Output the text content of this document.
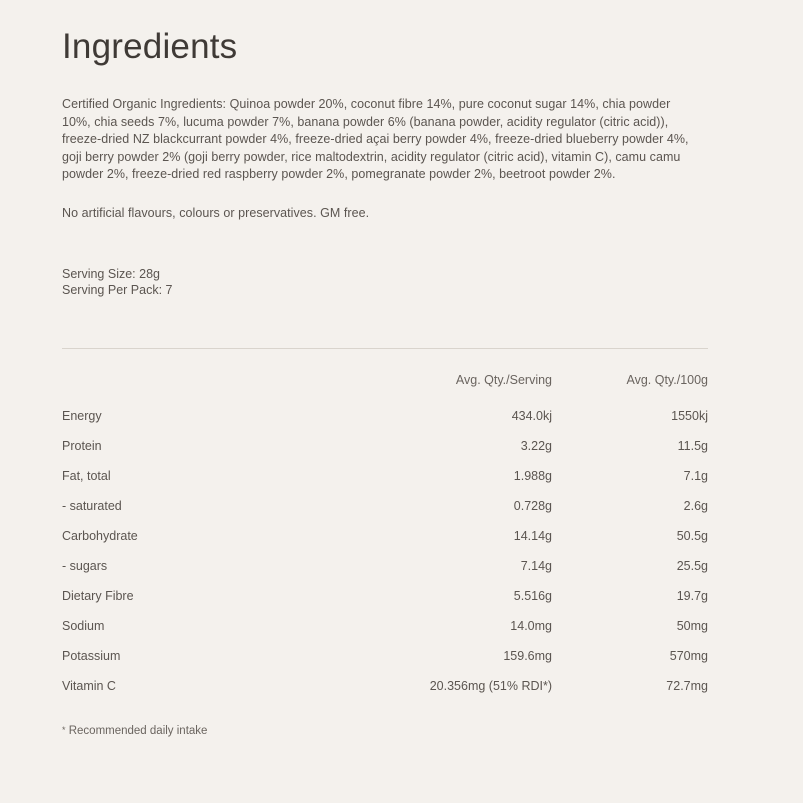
Ingredients

Certified Organic Ingredients: Quinoa powder 20%, coconut fibre 14%, pure coconut sugar 14%, chia powder 10%, chia seeds 7%, lucuma powder 7%, banana powder 6% (banana powder, acidity regulator (citric acid)), freeze-dried NZ blackcurrant powder 4%, freeze-dried açai berry powder 4%, freeze-dried blueberry powder 4%, goji berry powder 2% (goji berry powder, rice maltodextrin, acidity regulator (citric acid), vitamin C), camu camu powder 2%, freeze-dried red raspberry powder 2%, pomegranate powder 2%, beetroot powder 2%.

No artificial flavours, colours or preservatives. GM free.

Serving Size: 28g
Serving Per Pack: 7
	Avg. Qty./Serving	Avg. Qty./100g
Energy	434.0kj	1550kj
Protein	3.22g	11.5g
Fat, total	1.988g	7.1g
- saturated	0.728g	2.6g
Carbohydrate	14.14g	50.5g
- sugars	7.14g	25.5g
Dietary Fibre	5.516g	19.7g
Sodium	14.0mg	50mg
Potassium	159.6mg	570mg
Vitamin C	20.356mg (51% RDI*)	72.7mg
* Recommended daily intake
